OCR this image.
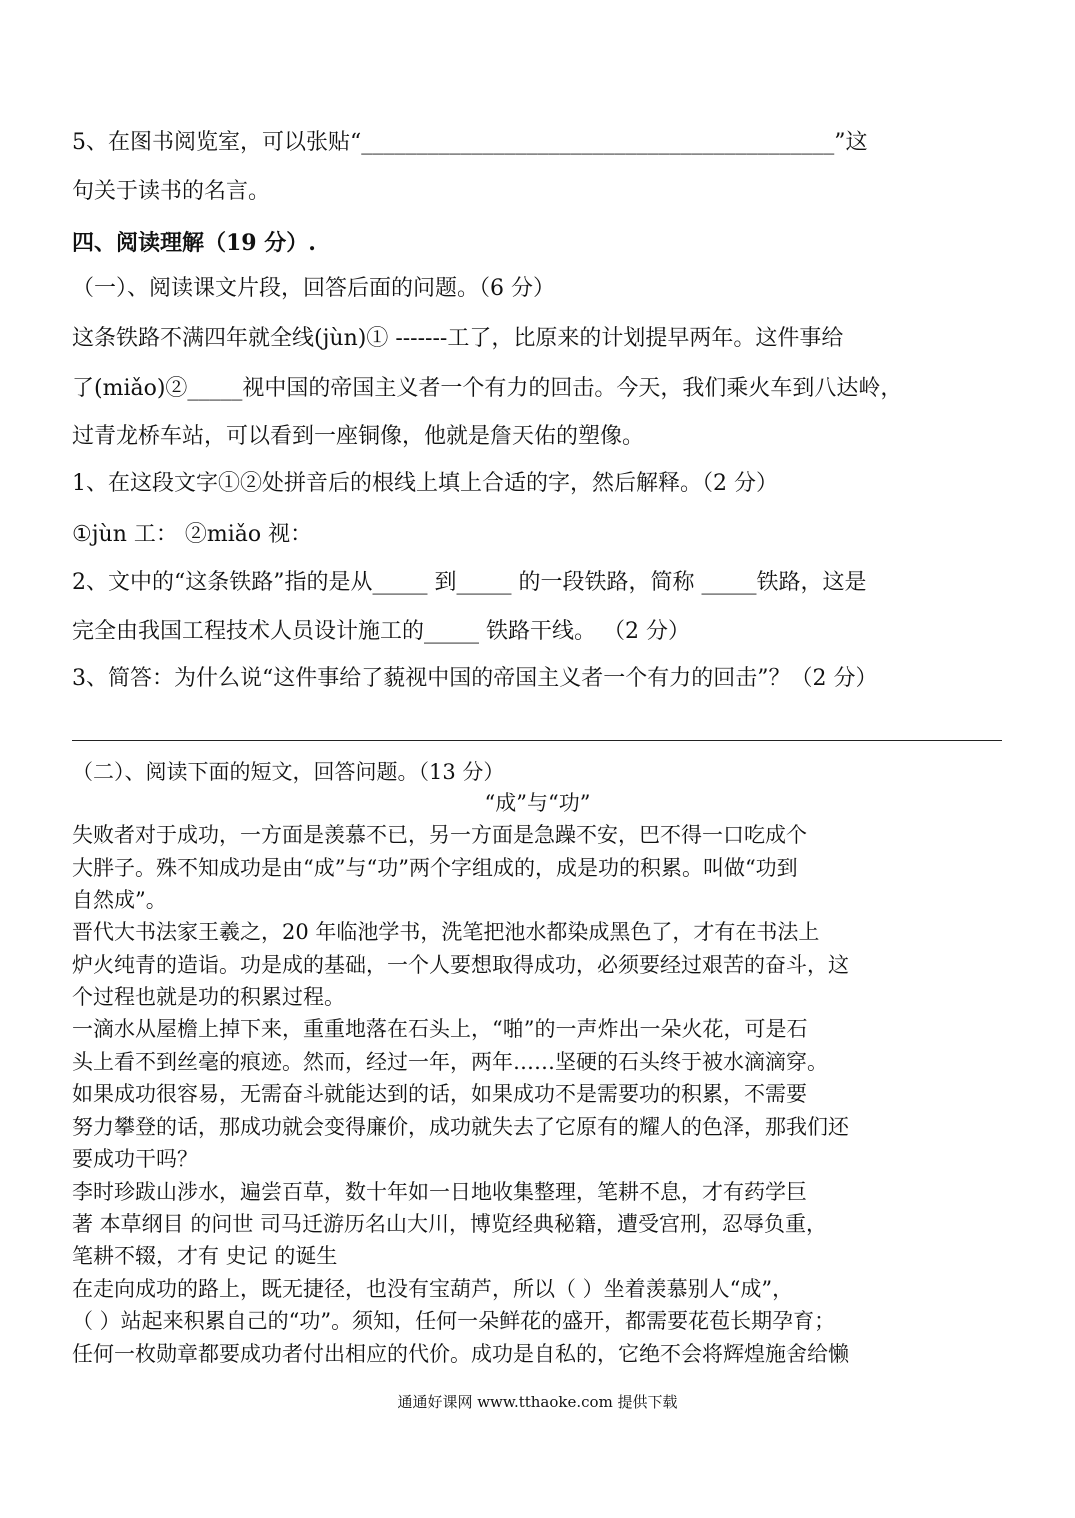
5、在图书阅览室，可以张贴“___________________________________________”这
句关于读书的名言。
四、阅读理解（19 分）.
（一）、阅读课文片段，回答后面的问题。（6 分）
这条铁路不满四年就全线(jùn)① -------工了，比原来的计划提早两年。这件事给
了(miǎo)②_____视中国的帝国主义者一个有力的回击。今天，我们乘火车到八达岭，
过青龙桥车站，可以看到一座铜像，他就是詹天佑的塑像。
1、在这段文字①②处拼音后的根线上填上合适的字，然后解释。（2 分）
①jùn 工： ②miǎo 视：
2、文中的“这条铁路”指的是从_____ 到_____ 的一段铁路，简称 _____铁路，这是
完全由我国工程技术人员设计施工的_____ 铁路干线。 （2 分）
3、简答：为什么说“这件事给了藐视中国的帝国主义者一个有力的回击”？（2 分）
（二）、阅读下面的短文，回答问题。（13 分）
“成”与“功”
失败者对于成功，一方面是羡慕不已，另一方面是急躁不安，巴不得一口吃成个
大胖子。殊不知成功是由“成”与“功”两个字组成的，成是功的积累。叫做“功到
自然成”。
晋代大书法家王羲之，20 年临池学书，洗笔把池水都染成黑色了，才有在书法上
炉火纯青的造诣。功是成的基础，一个人要想取得成功，必须要经过艰苦的奋斗，这
个过程也就是功的积累过程。
一滴水从屋檐上掉下来，重重地落在石头上，“啪”的一声炸出一朵火花，可是石
头上看不到丝毫的痕迹。然而，经过一年，两年……坚硬的石头终于被水滴滴穿。
如果成功很容易，无需奋斗就能达到的话，如果成功不是需要功的积累，不需要
努力攀登的话，那成功就会变得廉价，成功就失去了它原有的耀人的色泽，那我们还
要成功干吗？
李时珍跋山涉水，遍尝百草，数十年如一日地收集整理，笔耕不息，才有药学巨
著 本草纲目 的问世 司马迁游历名山大川，博览经典秘籍，遭受宫刑，忍辱负重，
笔耕不辍，才有 史记 的诞生
在走向成功的路上，既无捷径，也没有宝葫芦，所以（ ）坐着羡慕别人“成”，
（ ）站起来积累自己的“功”。须知，任何一朵鲜花的盛开，都需要花苞长期孕育；
任何一枚勋章都要成功者付出相应的代价。成功是自私的，它绝不会将辉煌施舍给懒
通通好课网 www.tthaoke.com 提供下载
